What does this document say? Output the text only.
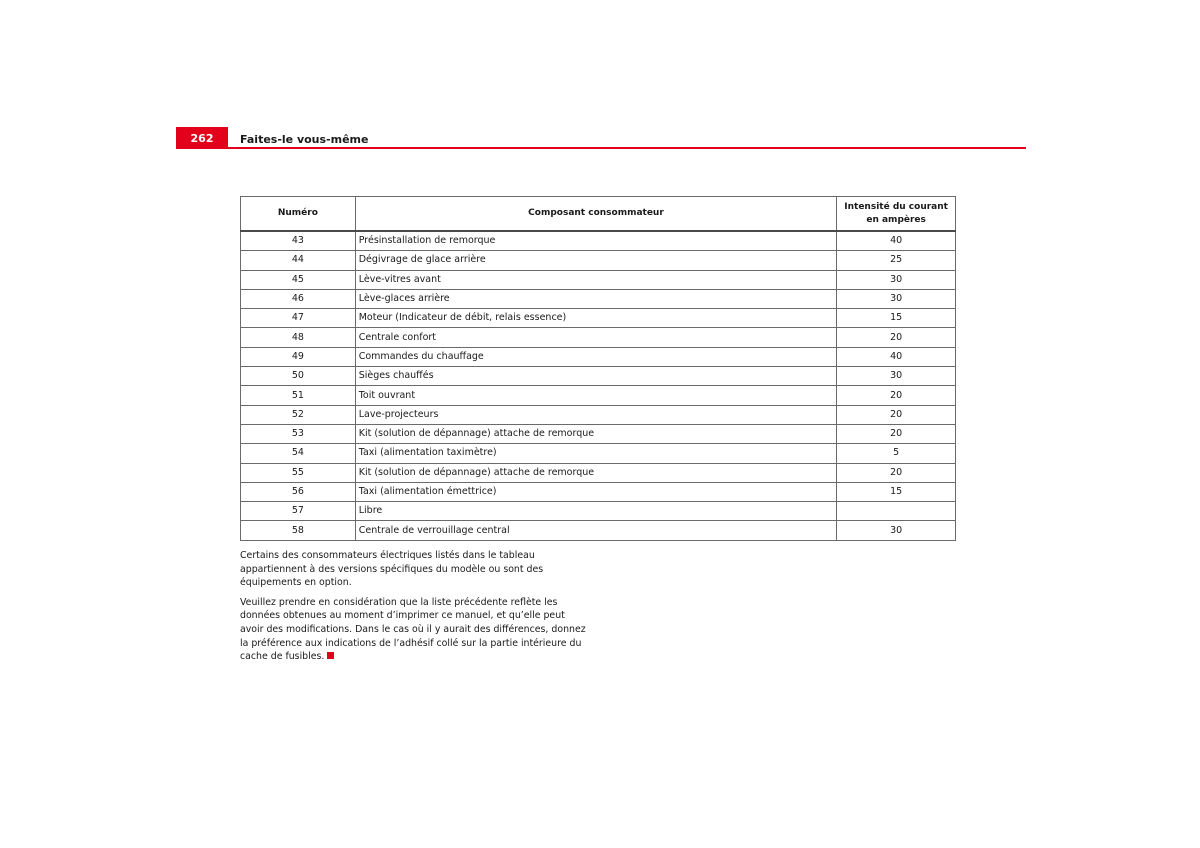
262	Faites-le vous-même
Numéro	Composant consommateur	Intensité du courant en ampères
43	Présinstallation de remorque	40
44	Dégivrage de glace arrière	25
45	Lève-vitres avant	30
46	Lève-glaces arrière	30
47	Moteur (Indicateur de débit, relais essence)	15
48	Centrale confort	20
49	Commandes du chauffage	40
50	Sièges chauffés	30
51	Toit ouvrant	20
52	Lave-projecteurs	20
53	Kit (solution de dépannage) attache de remorque	20
54	Taxi (alimentation taximètre)	5
55	Kit (solution de dépannage) attache de remorque	20
56	Taxi (alimentation émettrice)	15
57	Libre	
58	Centrale de verrouillage central	30

Certains des consommateurs électriques listés dans le tableau appartiennent à des versions spécifiques du modèle ou sont des équipements en option.

Veuillez prendre en considération que la liste précédente reflète les données obtenues au moment d’imprimer ce manuel, et qu’elle peut avoir des modifications. Dans le cas où il y aurait des différences, donnez la préférence aux indications de l’adhésif collé sur la partie intérieure du cache de fusibles.
